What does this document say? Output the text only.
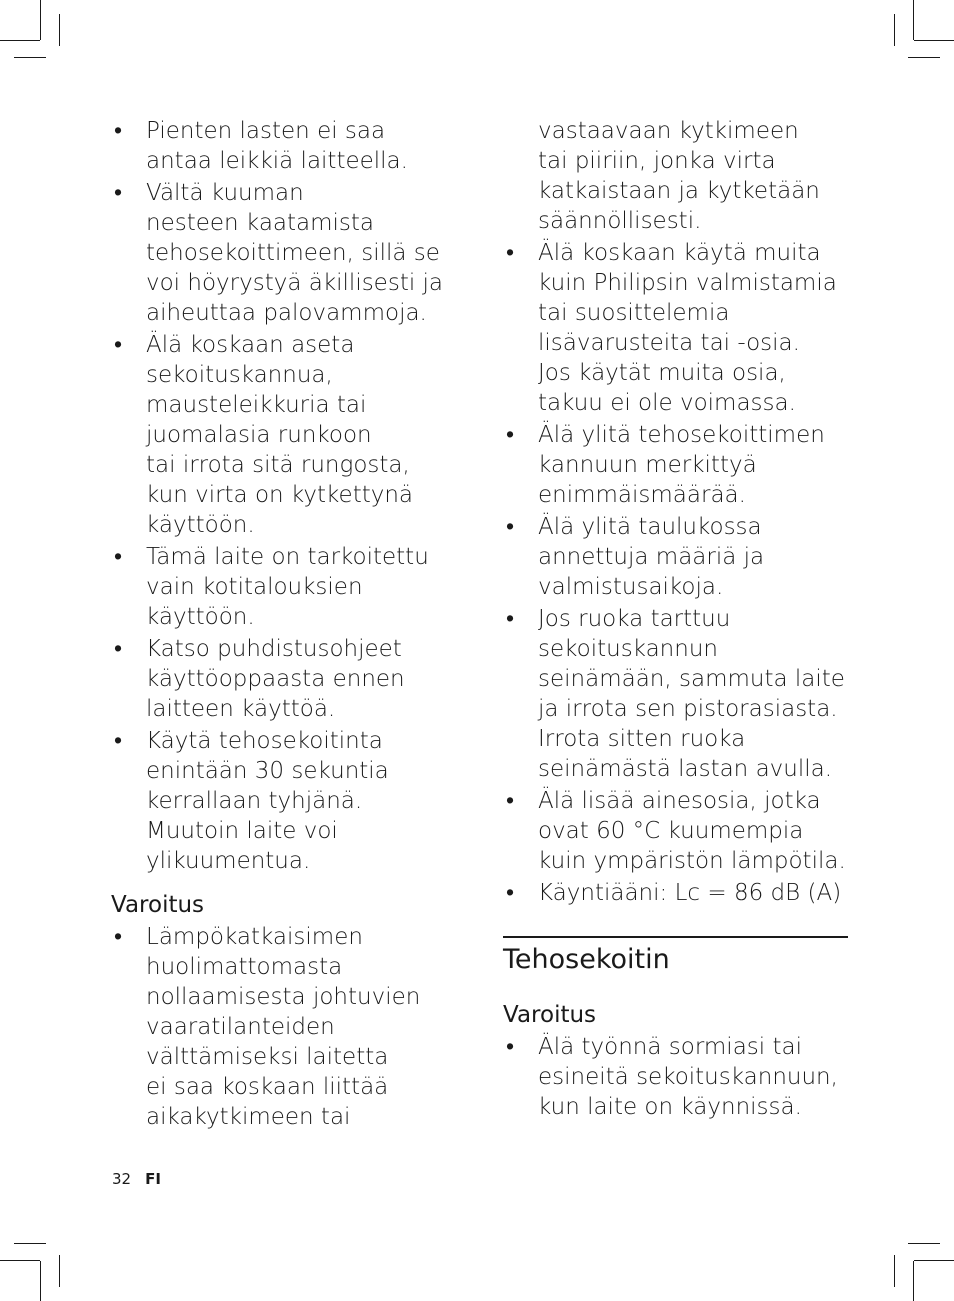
• Pienten lasten ei saa
antaa leikkiä laitteella.
• Vältä kuuman
nesteen kaatamista
tehosekoittimeen, sillä se
voi höyrystyä äkillisesti ja
aiheuttaa palovammoja.
• Älä koskaan aseta
sekoituskannua,
mausteleikkuria tai
juomalasia runkoon
tai irrota sitä rungosta,
kun virta on kytkettynä
käyttöön.
• Tämä laite on tarkoitettu
vain kotitalouksien
käyttöön.
• Katso puhdistusohjeet
käyttöoppaasta ennen
laitteen käyttöä.
• Käytä tehosekoitinta
enintään 30 sekuntia
kerrallaan tyhjänä.
Muutoin laite voi
ylikuumentua.
Varoitus
• Lämpökatkaisimen
huolimattomasta
nollaamisesta johtuvien
vaaratilanteiden
välttämiseksi laitetta
ei saa koskaan liittää
aikakytkimeen tai
vastaavaan kytkimeen
tai piiriin, jonka virta
katkaistaan ja kytketään
säännöllisesti.
• Älä koskaan käytä muita
kuin Philipsin valmistamia
tai suosittelemia
lisävarusteita tai -osia.
Jos käytät muita osia,
takuu ei ole voimassa.
• Älä ylitä tehosekoittimen
kannuun merkittyä
enimmäismäärää.
• Älä ylitä taulukossa
annettuja määriä ja
valmistusaikoja.
• Jos ruoka tarttuu
sekoituskannun
seinämään, sammuta laite
ja irrota sen pistorasiasta.
Irrota sitten ruoka
seinämästä lastan avulla.
• Älä lisää ainesosia, jotka
ovat 60 °C kuumempia
kuin ympäristön lämpötila.
• Käyntiääni: Lc = 86 dB (A)
Tehosekoitin
Varoitus
• Älä työnnä sormiasi tai
esineitä sekoituskannuun,
kun laite on käynnissä.
32 FI
